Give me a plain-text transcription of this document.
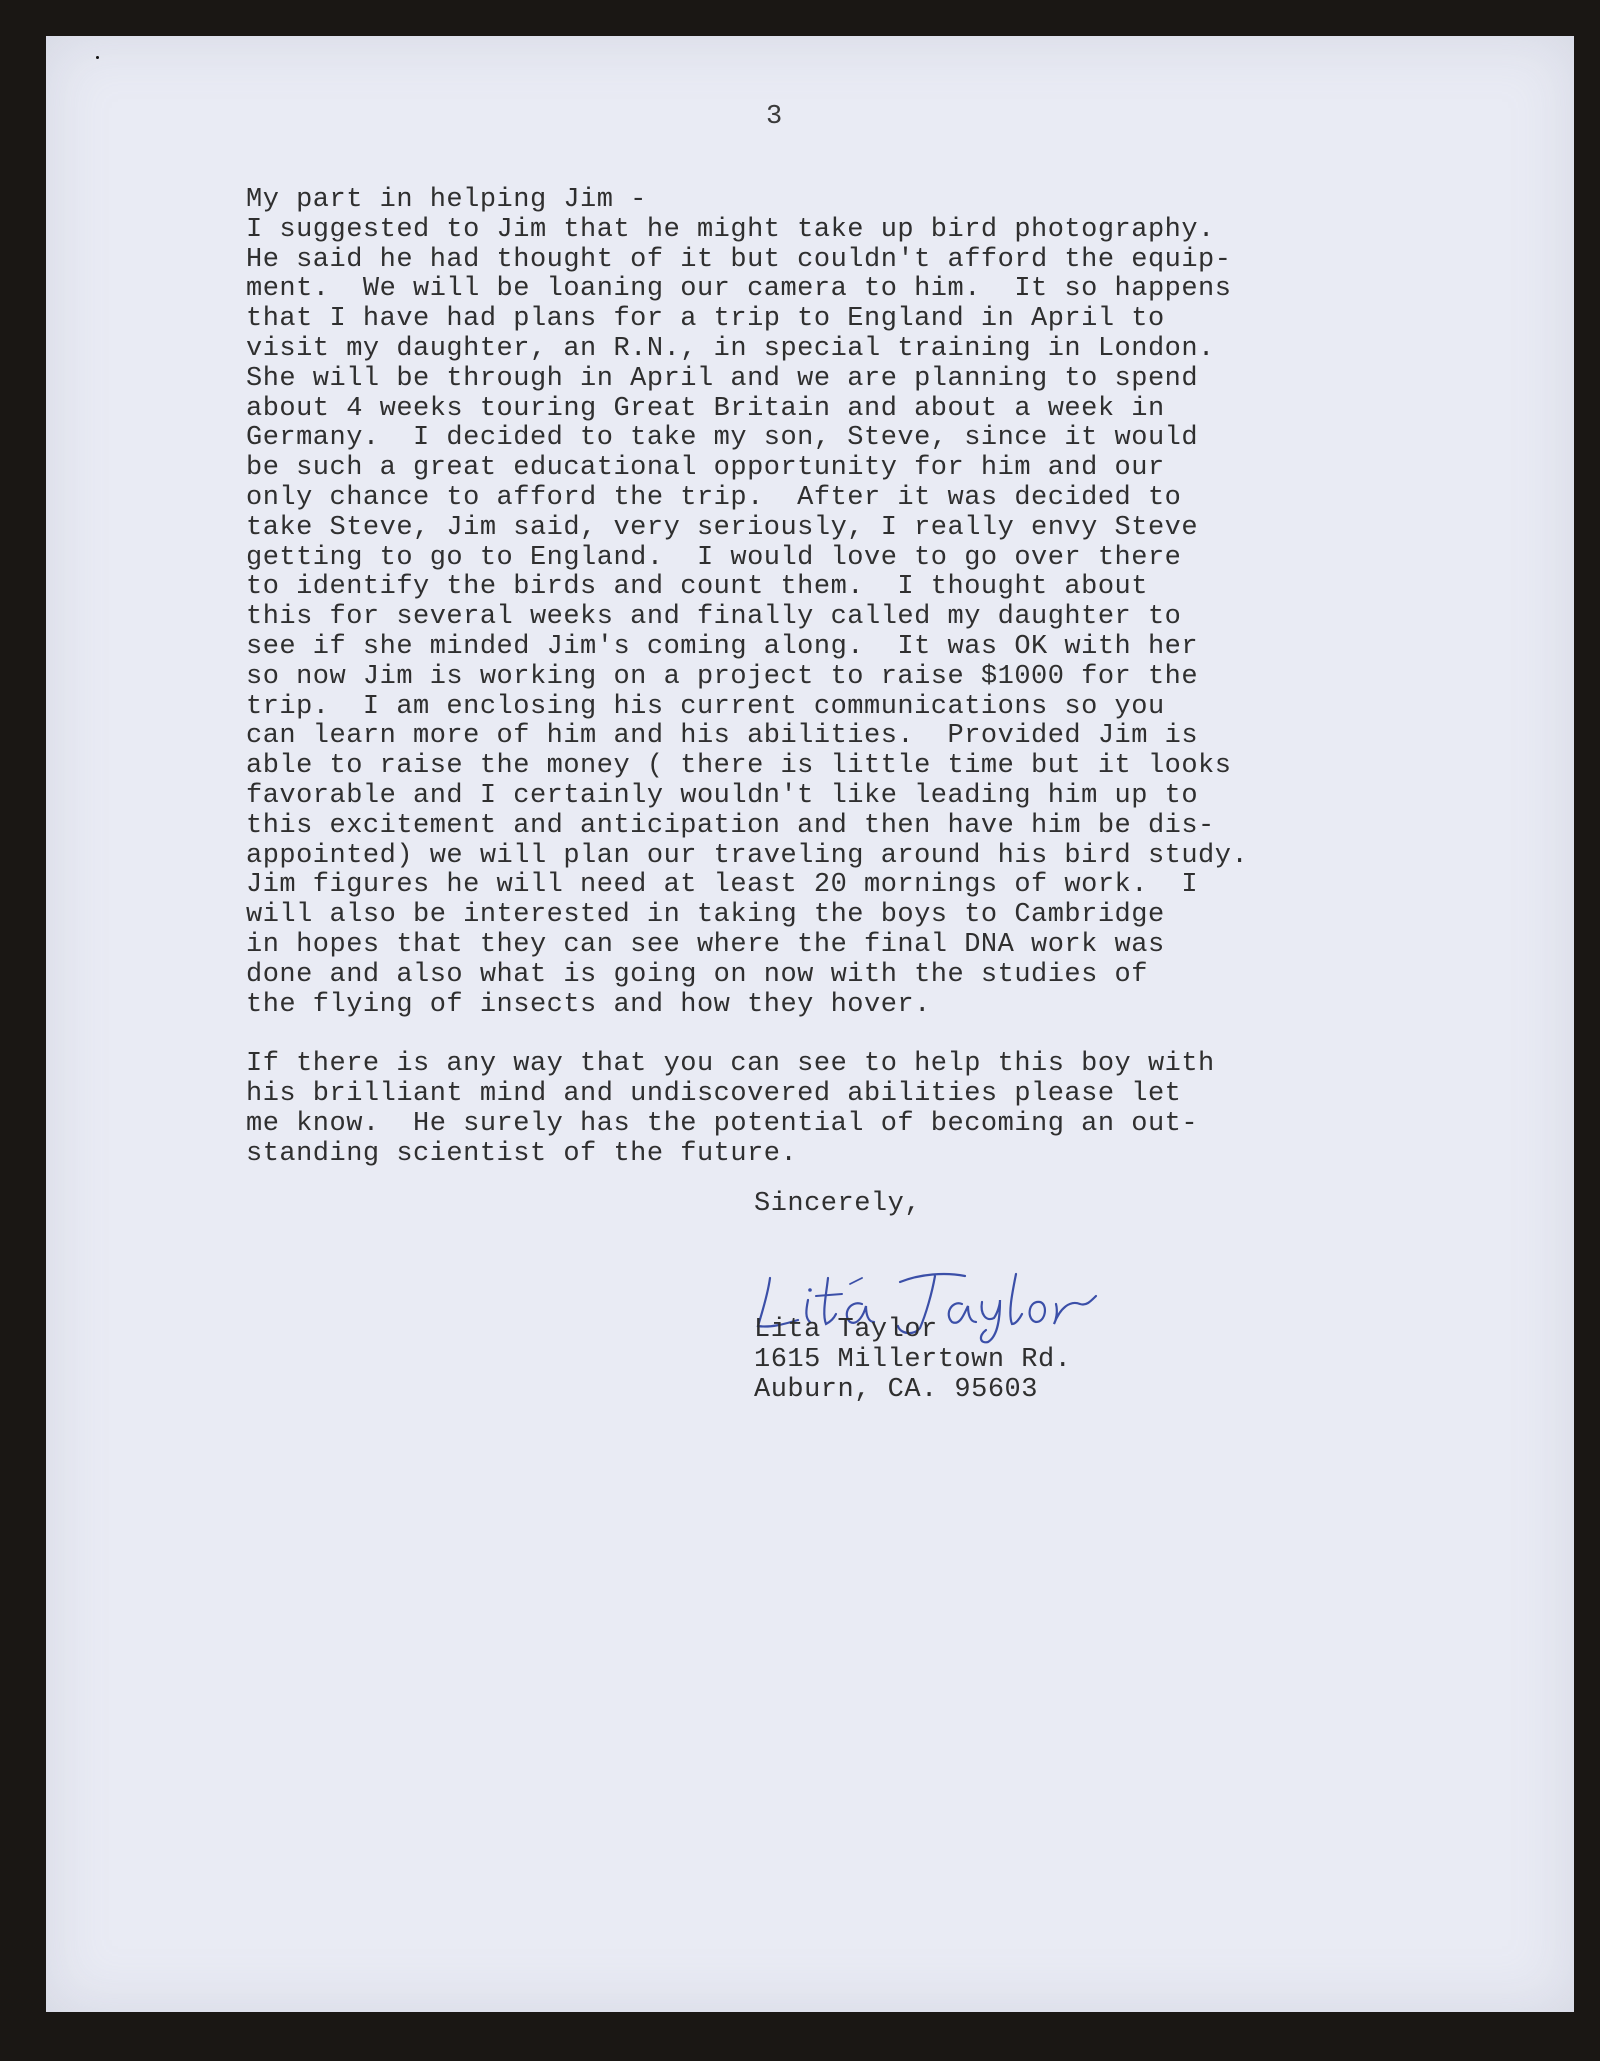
3
My part in helping Jim -
I suggested to Jim that he might take up bird photography.
He said he had thought of it but couldn't afford the equip-
ment.  We will be loaning our camera to him.  It so happens
that I have had plans for a trip to England in April to
visit my daughter, an R.N., in special training in London.
She will be through in April and we are planning to spend
about 4 weeks touring Great Britain and about a week in
Germany.  I decided to take my son, Steve, since it would
be such a great educational opportunity for him and our
only chance to afford the trip.  After it was decided to
take Steve, Jim said, very seriously, I really envy Steve
getting to go to England.  I would love to go over there
to identify the birds and count them.  I thought about
this for several weeks and finally called my daughter to
see if she minded Jim's coming along.  It was OK with her
so now Jim is working on a project to raise $1000 for the
trip.  I am enclosing his current communications so you
can learn more of him and his abilities.  Provided Jim is
able to raise the money ( there is little time but it looks
favorable and I certainly wouldn't like leading him up to
this excitement and anticipation and then have him be dis-
appointed) we will plan our traveling around his bird study.
Jim figures he will need at least 20 mornings of work.  I
will also be interested in taking the boys to Cambridge
in hopes that they can see where the final DNA work was
done and also what is going on now with the studies of
the flying of insects and how they hover.
If there is any way that you can see to help this boy with
his brilliant mind and undiscovered abilities please let
me know.  He surely has the potential of becoming an out-
standing scientist of the future.
Sincerely,
Lita Taylor
1615 Millertown Rd.
Auburn, CA. 95603
